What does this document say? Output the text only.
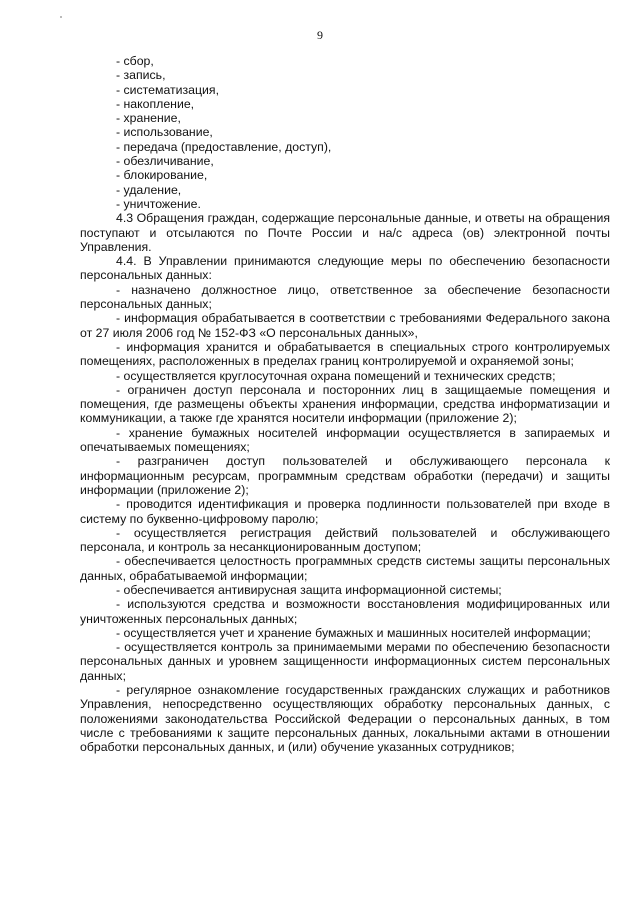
9
- сбор,
- запись,
- систематизация,
- накопление,
- хранение,
- использование,
- передача (предоставление, доступ),
- обезличивание,
- блокирование,
- удаление,
- уничтожение.
4.3 Обращения граждан, содержащие персональные данные, и ответы на обращения поступают и отсылаются по Почте России и на/с адреса (ов) электронной почты Управления.
4.4. В Управлении принимаются следующие меры по обеспечению безопасности персональных данных:
- назначено должностное лицо, ответственное за обеспечение безопасности персональных данных;
- информация обрабатывается в соответствии с требованиями Федерального закона от 27 июля 2006 год № 152-ФЗ «О персональных данных»,
- информация хранится и обрабатывается в специальных строго контролируемых помещениях, расположенных в пределах границ контролируемой и охраняемой зоны;
- осуществляется круглосуточная охрана помещений и технических средств;
- ограничен доступ персонала и посторонних лиц в защищаемые помещения и помещения, где размещены объекты хранения информации, средства информатизации и коммуникации, а также где хранятся носители информации (приложение 2);
- хранение бумажных носителей информации осуществляется в запираемых и опечатываемых помещениях;
- разграничен доступ пользователей и обслуживающего персонала к информационным ресурсам, программным средствам обработки (передачи) и защиты информации (приложение 2);
- проводится идентификация и проверка подлинности пользователей при входе в систему по буквенно-цифровому паролю;
- осуществляется регистрация действий пользователей и обслуживающего персонала, и контроль за несанкционированным доступом;
- обеспечивается целостность программных средств системы защиты персональных данных, обрабатываемой информации;
- обеспечивается антивирусная защита информационной системы;
- используются средства и возможности восстановления модифицированных или уничтоженных персональных данных;
- осуществляется учет и хранение бумажных и машинных носителей информации;
- осуществляется контроль за принимаемыми мерами по обеспечению безопасности персональных данных и уровнем защищенности информационных систем персональных данных;
- регулярное ознакомление государственных гражданских служащих и работников Управления, непосредственно осуществляющих обработку персональных данных, с положениями законодательства Российской Федерации о персональных данных, в том числе с требованиями к защите персональных данных, локальными актами в отношении обработки персональных данных, и (или) обучение указанных сотрудников;
